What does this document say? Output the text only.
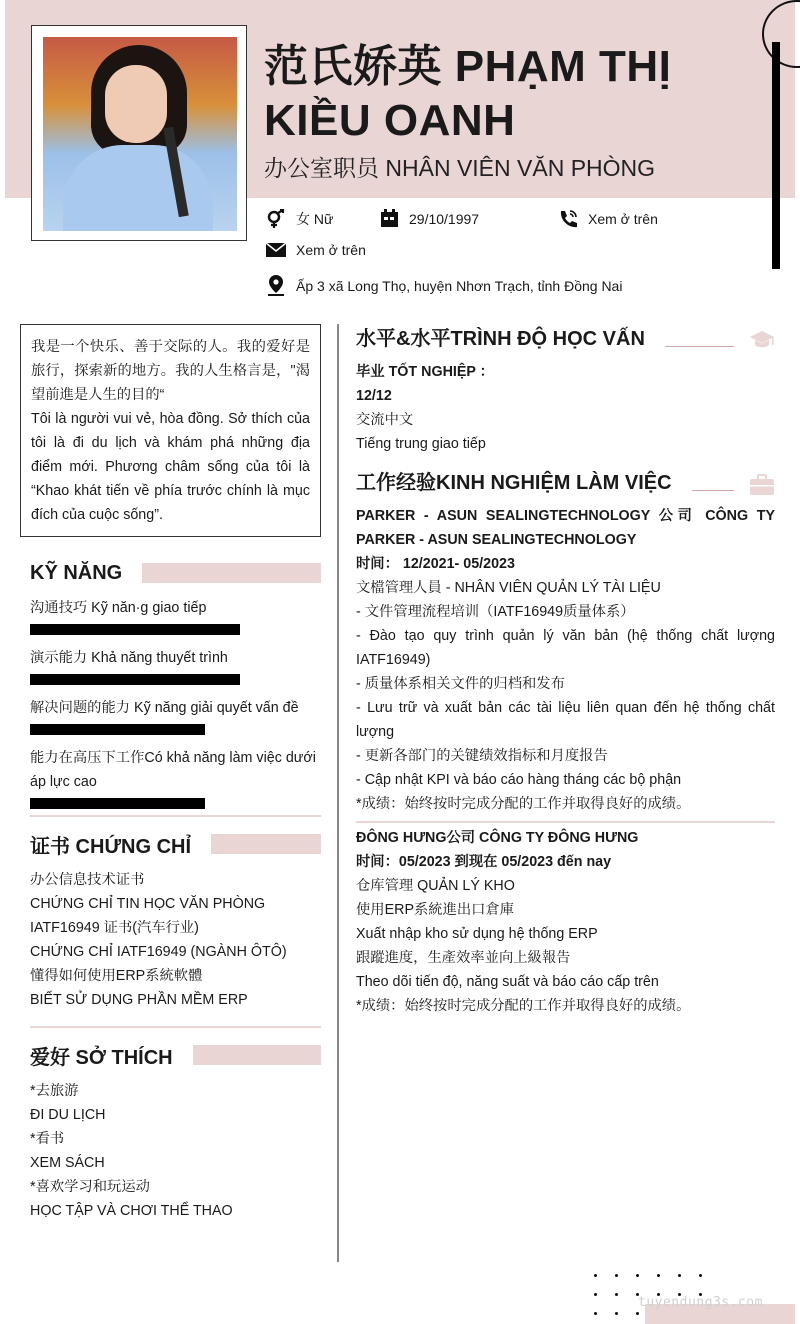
范氏娇英 PHẠM THỊ KIỀU OANH
办公室职员 NHÂN VIÊN VĂN PHÒNG
女 Nữ	29/10/1997	Xem ở trên
Xem ở trên
Ấp 3 xã Long Thọ, huyện Nhơn Trạch, tỉnh Đồng Nai

我是一个快乐、善于交际的人。我的爱好是旅行，探索新的地方。我的人生格言是，"渴望前進是人生的目的“

Tôi là người vui vẻ, hòa đồng. Sở thích của tôi là đi du lịch và khám phá những địa điểm mới. Phương châm sống của tôi là “Khao khát tiến về phía trước chính là mục đích của cuộc sống”.

KỸ NĂNG
沟通技巧 Kỹ năn·g giao tiếp
演示能力 Khả năng thuyết trình
解决问题的能力 Kỹ năng giải quyết vấn đề
能力在高压下工作Có khả năng làm việc dưới áp lực cao
证书 CHỨNG CHỈ
办公信息技术证书
CHỨNG CHỈ TIN HỌC VĂN PHÒNG
IATF16949 证书(汽车行业)
CHỨNG CHỈ IATF16949 (NGÀNH ÔTÔ)
懂得如何使用ERP系統軟體
BIẾT SỬ DỤNG PHẦN MỀM ERP
爱好 SỞ THÍCH
*去旅游
ĐI DU LỊCH
*看书
XEM SÁCH
*喜欢学习和玩运动
HỌC TẬP VÀ CHƠI THỂ THAO
水平&水平TRÌNH ĐỘ HỌC VẤN
毕业 TỐT NGHIỆP ：
12/12
交流中文
Tiếng trung giao tiếp
工作经验KINH NGHIỆM LÀM VIỆC
PARKER - ASUN SEALINGTECHNOLOGY 公司 CÔNG TY PARKER - ASUN SEALINGTECHNOLOGY
时间： 12/2021- 05/2023
文檔管理人員 - NHÂN VIÊN QUẢN LÝ TÀI LIỆU
- 文件管理流程培训（IATF16949质量体系）
- Đào tạo quy trình quản lý văn bản (hệ thống chất lượng IATF16949)
- 质量体系相关文件的归档和发布
- Lưu trữ và xuất bản các tài liệu liên quan đến hệ thống chất lượng
- 更新各部门的关键绩效指标和月度报告
- Cập nhật KPI và báo cáo hàng tháng các bộ phận
*成绩：始终按时完成分配的工作并取得良好的成绩。
ĐÔNG HƯNG公司 CÔNG TY ĐÔNG HƯNG
时间：05/2023 到现在 05/2023 đến nay
仓库管理 QUẢN LÝ KHO
使用ERP系統進出口倉庫
Xuất nhập kho sử dụng hệ thống ERP
跟蹤進度，生產效率並向上級報告
Theo dõi tiến độ, năng suất và báo cáo cấp trên
*成绩：始终按时完成分配的工作并取得良好的成绩。
tuyendung3s.com
